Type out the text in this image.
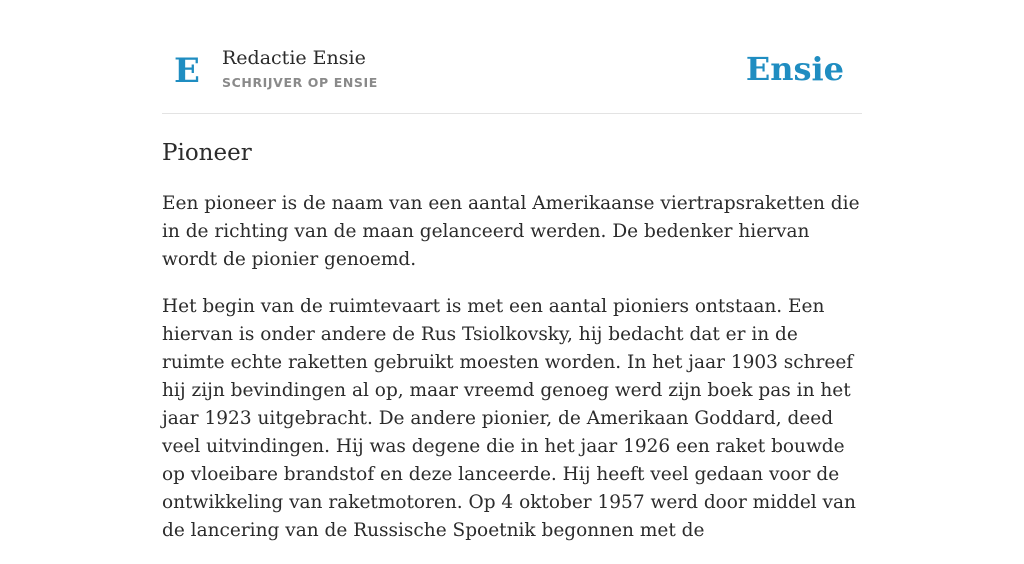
E Redactie Ensie
SCHRIJVER OP ENSIE	Ensie
Pioneer

Een pioneer is de naam van een aantal Amerikaanse viertrapsraketten die in de richting van de maan gelanceerd werden. De bedenker hiervan wordt de pionier genoemd.

Het begin van de ruimtevaart is met een aantal pioniers ontstaan. Een hiervan is onder andere de Rus Tsiolkovsky, hij bedacht dat er in de ruimte echte raketten gebruikt moesten worden. In het jaar 1903 schreef hij zijn bevindingen al op, maar vreemd genoeg werd zijn boek pas in het jaar 1923 uitgebracht. De andere pionier, de Amerikaan Goddard, deed veel uitvindingen. Hij was degene die in het jaar 1926 een raket bouwde op vloeibare brandstof en deze lanceerde. Hij heeft veel gedaan voor de ontwikkeling van raketmotoren. Op 4 oktober 1957 werd door middel van de lancering van de Russische Spoetnik begonnen met de
